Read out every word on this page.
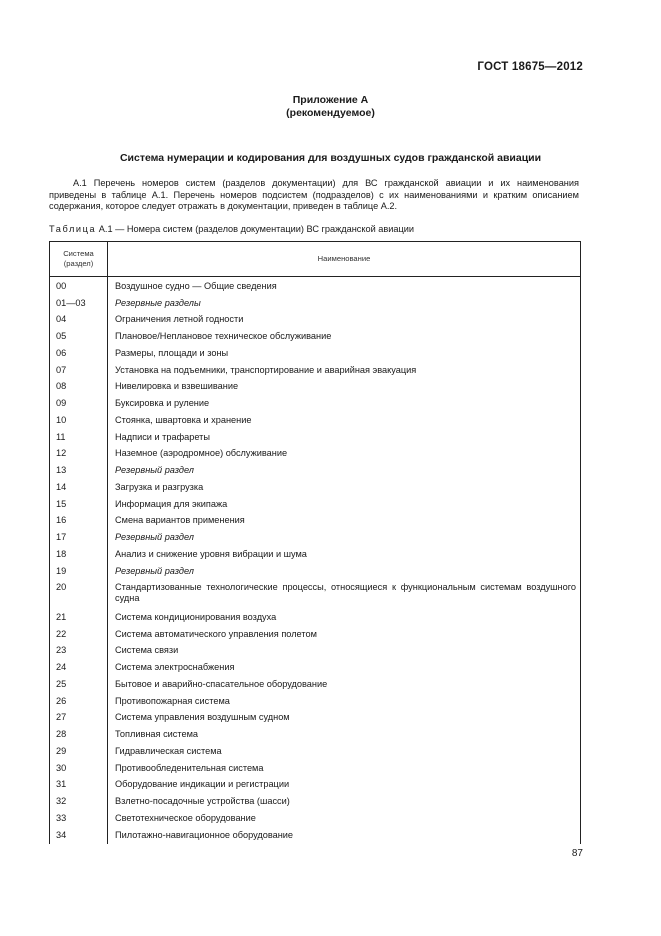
ГОСТ 18675—2012
Приложение А
(рекомендуемое)
Система нумерации и кодирования для воздушных судов гражданской авиации
А.1 Перечень номеров систем (разделов документации) для ВС гражданской авиации и их наименования
приведены в таблице А.1. Перечень номеров подсистем (подразделов) с их наименованиями и кратким описанием
содержания, которое следует отражать в документации, приведен в таблице А.2.
Таблица А.1 — Номера систем (разделов документации) ВС гражданской авиации
Система
(раздел)	Наименование
00	Воздушное судно — Общие сведения

01—03	Резервные разделы

04	Ограничения летной годности

05	Плановое/Неплановое техническое обслуживание

06	Размеры, площади и зоны

07	Установка на подъемники, транспортирование и аварийная эвакуация

08	Нивелировка и взвешивание

09	Буксировка и руление

10	Стоянка, швартовка и хранение

11	Надписи и трафареты

12	Наземное (аэродромное) обслуживание

13	Резервный раздел

14	Загрузка и разгрузка

15	Информация для экипажа

16	Смена вариантов применения

17	Резервный раздел

18	Анализ и снижение уровня вибрации и шума

19	Резервный раздел

20	Стандартизованные технологические процессы, относящиеся к функциональным системам воздушного судна

21	Система кондиционирования воздуха

22	Система автоматического управления полетом

23	Система связи

24	Система электроснабжения

25	Бытовое и аварийно-спасательное оборудование

26	Противопожарная система

27	Система управления воздушным судном

28	Топливная система

29	Гидравлическая система

30	Противообледенительная система

31	Оборудование индикации и регистрации

32	Взлетно-посадочные устройства (шасси)

33	Светотехническое оборудование

34	Пилотажно-навигационное оборудование
87
